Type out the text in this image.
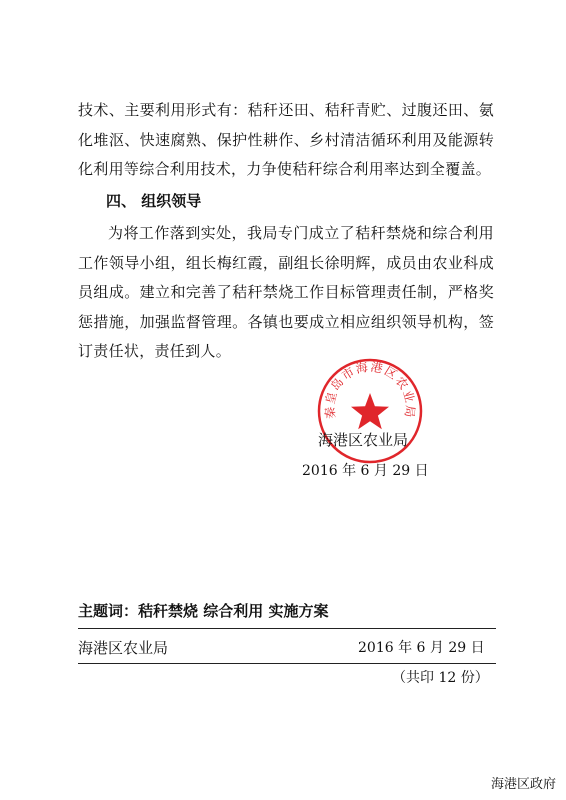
技术、主要利用形式有：秸秆还田、秸秆青贮、过腹还田、氨化堆沤、快速腐熟、保护性耕作、乡村清洁循环利用及能源转化利用等综合利用技术，力争使秸秆综合利用率达到全覆盖。

四、 组织领导

为将工作落到实处，我局专门成立了秸秆禁烧和综合利用工作领导小组，组长梅红霞，副组长徐明辉，成员由农业科成员组成。建立和完善了秸秆禁烧工作目标管理责任制，严格奖惩措施，加强监督管理。各镇也要成立相应组织领导机构，签订责任状，责任到人。

秦皇岛市海港区农业局

海港区农业局

2016 年 6 月 29 日

主题词：秸秆禁烧 综合利用 实施方案

海港区农业局	2016 年 6 月 29 日

（共印 12 份）

海港区政府
